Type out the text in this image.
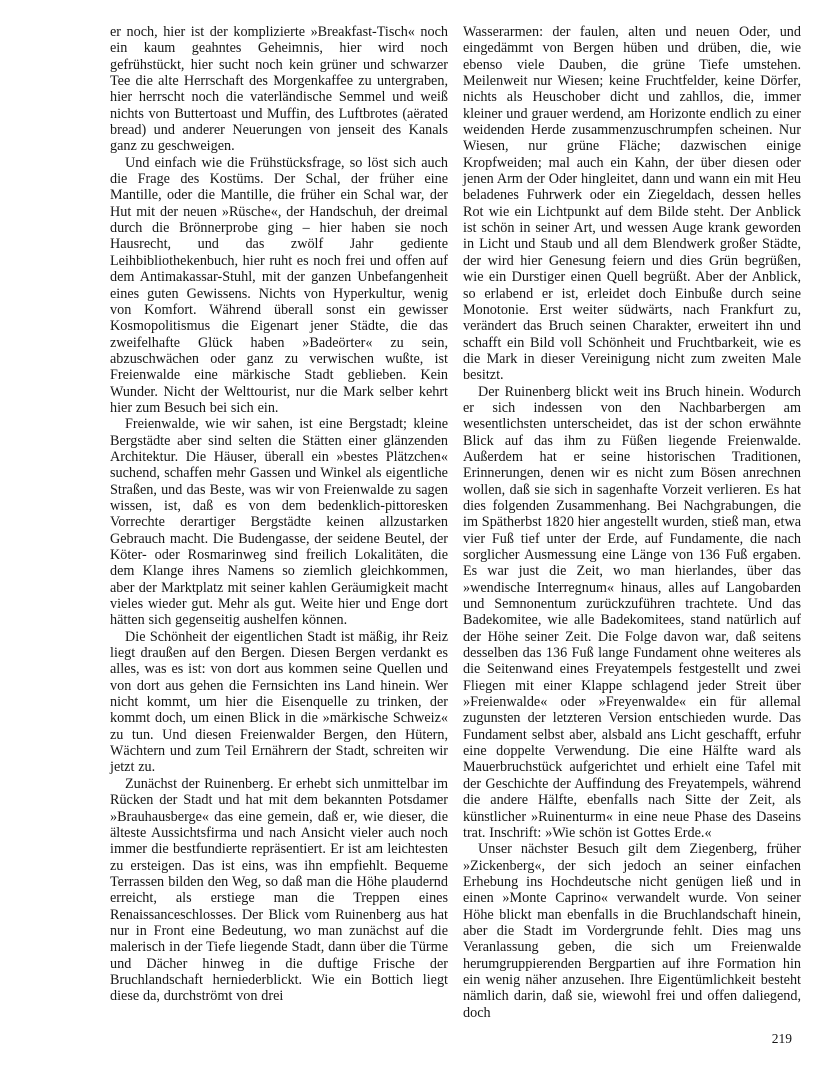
er noch, hier ist der komplizierte »Breakfast-Tisch« noch ein kaum geahntes Geheimnis, hier wird noch gefrühstückt, hier sucht noch kein grüner und schwarzer Tee die alte Herrschaft des Morgenkaffee zu untergraben, hier herrscht noch die vaterländische Semmel und weiß nichts von Buttertoast und Muffin, des Luftbrotes (aërated bread) und anderer Neuerungen von jenseit des Kanals ganz zu geschweigen.

Und einfach wie die Frühstücksfrage, so löst sich auch die Frage des Kostüms. Der Schal, der früher eine Mantille, oder die Mantille, die früher ein Schal war, der Hut mit der neuen »Rüsche«, der Handschuh, der dreimal durch die Brönnerprobe ging – hier haben sie noch Hausrecht, und das zwölf Jahr gediente Leihbibliothekenbuch, hier ruht es noch frei und offen auf dem Antimakassar-Stuhl, mit der ganzen Unbefangenheit eines guten Gewissens. Nichts von Hyperkultur, wenig von Komfort. Während überall sonst ein gewisser Kosmopolitismus die Eigenart jener Städte, die das zweifelhafte Glück haben »Badeörter« zu sein, abzuschwächen oder ganz zu verwischen wußte, ist Freienwalde eine märkische Stadt geblieben. Kein Wunder. Nicht der Welttourist, nur die Mark selber kehrt hier zum Besuch bei sich ein.

Freienwalde, wie wir sahen, ist eine Bergstadt; kleine Bergstädte aber sind selten die Stätten einer glänzenden Architektur. Die Häuser, überall ein »bestes Plätzchen« suchend, schaffen mehr Gassen und Winkel als eigentliche Straßen, und das Beste, was wir von Freienwalde zu sagen wissen, ist, daß es von dem bedenklich-pittoresken Vorrechte derartiger Bergstädte keinen allzustarken Gebrauch macht. Die Budengasse, der seidene Beutel, der Köter- oder Rosmarinweg sind freilich Lokalitäten, die dem Klange ihres Namens so ziemlich gleichkommen, aber der Marktplatz mit seiner kahlen Geräumigkeit macht vieles wieder gut. Mehr als gut. Weite hier und Enge dort hätten sich gegenseitig aushelfen können.

Die Schönheit der eigentlichen Stadt ist mäßig, ihr Reiz liegt draußen auf den Bergen. Diesen Bergen verdankt es alles, was es ist: von dort aus kommen seine Quellen und von dort aus gehen die Fernsichten ins Land hinein. Wer nicht kommt, um hier die Eisenquelle zu trinken, der kommt doch, um einen Blick in die »märkische Schweiz« zu tun. Und diesen Freienwalder Bergen, den Hütern, Wächtern und zum Teil Ernährern der Stadt, schreiten wir jetzt zu.

Zunächst der Ruinenberg. Er erhebt sich unmittelbar im Rücken der Stadt und hat mit dem bekannten Potsdamer »Brauhausberge« das eine gemein, daß er, wie dieser, die älteste Aussichtsfirma und nach Ansicht vieler auch noch immer die bestfundierte repräsentiert. Er ist am leichtesten zu ersteigen. Das ist eins, was ihn empfiehlt. Bequeme Terrassen bilden den Weg, so daß man die Höhe plaudernd erreicht, als erstiege man die Treppen eines Renaissanceschlosses. Der Blick vom Ruinenberg aus hat nur in Front eine Bedeutung, wo man zunächst auf die malerisch in der Tiefe liegende Stadt, dann über die Türme und Dächer hinweg in die duftige Frische der Bruchlandschaft herniederblickt. Wie ein Bottich liegt diese da, durchströmt von drei

Wasserarmen: der faulen, alten und neuen Oder, und eingedämmt von Bergen hüben und drüben, die, wie ebenso viele Dauben, die grüne Tiefe umstehen. Meilenweit nur Wiesen; keine Fruchtfelder, keine Dörfer, nichts als Heuschober dicht und zahllos, die, immer kleiner und grauer werdend, am Horizonte endlich zu einer weidenden Herde zusammenzuschrumpfen scheinen. Nur Wiesen, nur grüne Fläche; dazwischen einige Kropfweiden; mal auch ein Kahn, der über diesen oder jenen Arm der Oder hingleitet, dann und wann ein mit Heu beladenes Fuhrwerk oder ein Ziegeldach, dessen helles Rot wie ein Lichtpunkt auf dem Bilde steht. Der Anblick ist schön in seiner Art, und wessen Auge krank geworden in Licht und Staub und all dem Blendwerk großer Städte, der wird hier Genesung feiern und dies Grün begrüßen, wie ein Durstiger einen Quell begrüßt. Aber der Anblick, so erlabend er ist, erleidet doch Einbuße durch seine Monotonie. Erst weiter südwärts, nach Frankfurt zu, verändert das Bruch seinen Charakter, erweitert ihn und schafft ein Bild voll Schönheit und Fruchtbarkeit, wie es die Mark in dieser Vereinigung nicht zum zweiten Male besitzt.

Der Ruinenberg blickt weit ins Bruch hinein. Wodurch er sich indessen von den Nachbarbergen am wesentlichsten unterscheidet, das ist der schon erwähnte Blick auf das ihm zu Füßen liegende Freienwalde. Außerdem hat er seine historischen Traditionen, Erinnerungen, denen wir es nicht zum Bösen anrechnen wollen, daß sie sich in sagenhafte Vorzeit verlieren. Es hat dies folgenden Zusammenhang. Bei Nachgrabungen, die im Spätherbst 1820 hier angestellt wurden, stieß man, etwa vier Fuß tief unter der Erde, auf Fundamente, die nach sorglicher Ausmessung eine Länge von 136 Fuß ergaben. Es war just die Zeit, wo man hierlandes, über das »wendische Interregnum« hinaus, alles auf Langobarden und Semnonentum zurückzuführen trachtete. Und das Badekomitee, wie alle Badekomitees, stand natürlich auf der Höhe seiner Zeit. Die Folge davon war, daß seitens desselben das 136 Fuß lange Fundament ohne weiteres als die Seitenwand eines Freyatempels festgestellt und zwei Fliegen mit einer Klappe schlagend jeder Streit über »Freienwalde« oder »Freyenwalde« ein für allemal zugunsten der letzteren Version entschieden wurde. Das Fundament selbst aber, alsbald ans Licht geschafft, erfuhr eine doppelte Verwendung. Die eine Hälfte ward als Mauerbruchstück aufgerichtet und erhielt eine Tafel mit der Geschichte der Auffindung des Freyatempels, während die andere Hälfte, ebenfalls nach Sitte der Zeit, als künstlicher »Ruinenturm« in eine neue Phase des Daseins trat. Inschrift: »Wie schön ist Gottes Erde.«

Unser nächster Besuch gilt dem Ziegenberg, früher »Zickenberg«, der sich jedoch an seiner einfachen Erhebung ins Hochdeutsche nicht genügen ließ und in einen »Monte Caprino« verwandelt wurde. Von seiner Höhe blickt man ebenfalls in die Bruchlandschaft hinein, aber die Stadt im Vordergrunde fehlt. Dies mag uns Veranlassung geben, die sich um Freienwalde herumgruppierenden Bergpartien auf ihre Formation hin ein wenig näher anzusehen. Ihre Eigentümlichkeit besteht nämlich darin, daß sie, wiewohl frei und offen daliegend, doch

219
